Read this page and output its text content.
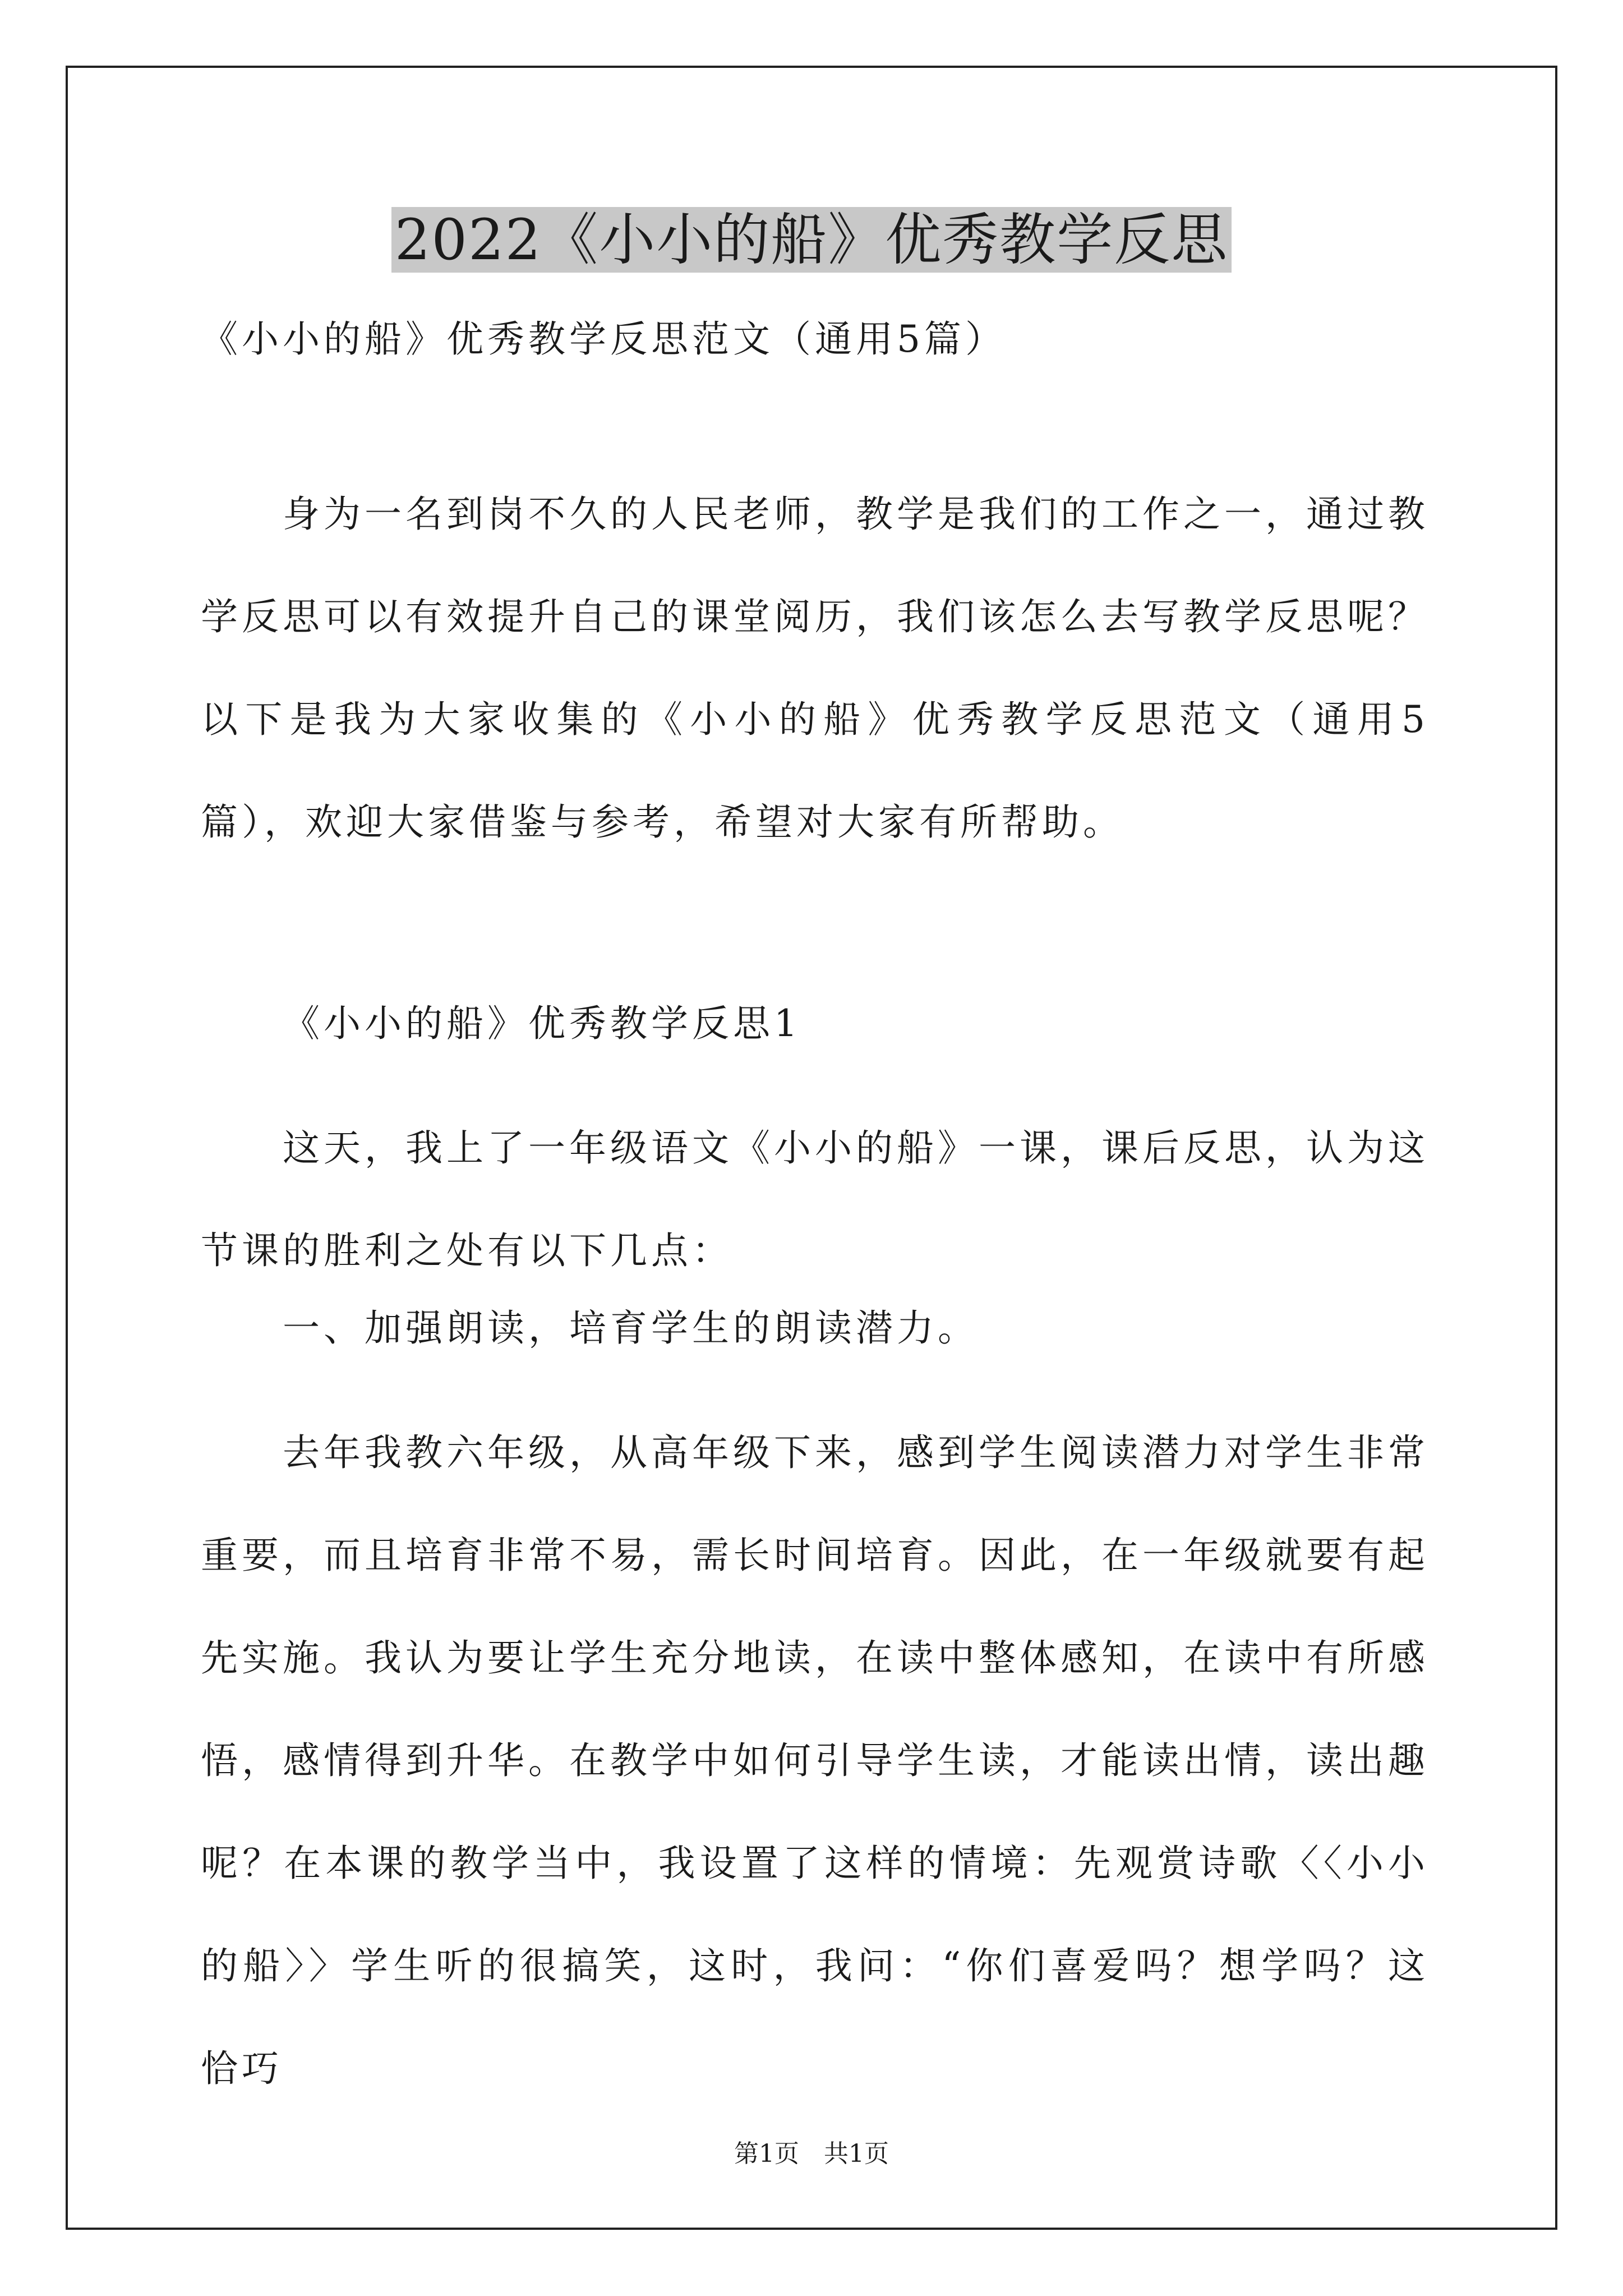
2022《小小的船》优秀教学反思

《小小的船》优秀教学反思范文（通用5篇）

身为一名到岗不久的人民老师，教学是我们的工作之一，通过教学反思可以有效提升自己的课堂阅历，我们该怎么去写教学反思呢？以下是我为大家收集的《小小的船》优秀教学反思范文（通用5篇），欢迎大家借鉴与参考，希望对大家有所帮助。

《小小的船》优秀教学反思1

这天，我上了一年级语文《小小的船》一课，课后反思，认为这节课的胜利之处有以下几点：

一、加强朗读，培育学生的朗读潜力。

去年我教六年级，从高年级下来，感到学生阅读潜力对学生非常重要，而且培育非常不易，需长时间培育。因此，在一年级就要有起先实施。我认为要让学生充分地读，在读中整体感知，在读中有所感悟，感情得到升华。在教学中如何引导学生读，才能读出情，读出趣呢？在本课的教学当中，我设置了这样的情境：先观赏诗歌〈〈小小的船〉〉学生听的很搞笑，这时，我问：“你们喜爱吗？想学吗？这恰巧

第1页　共1页
